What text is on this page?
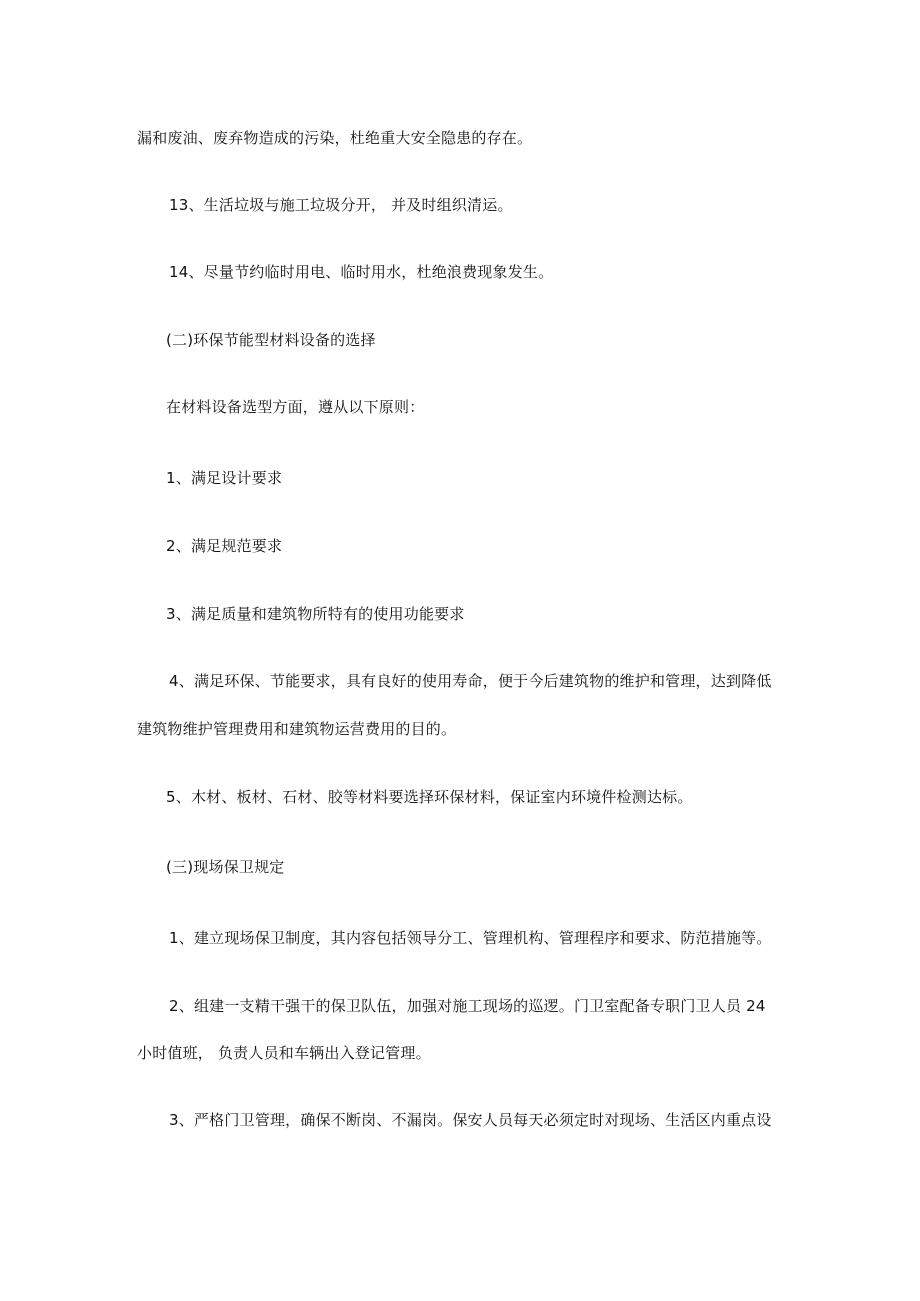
漏和废油、废弃物造成的污染，杜绝重大安全隐患的存在。

13、生活垃圾与施工垃圾分开， 并及时组织清运。

14、尽量节约临时用电、临时用水，杜绝浪费现象发生。

(二)环保节能型材料设备的选择

在材料设备选型方面，遵从以下原则：

1、满足设计要求

2、满足规范要求

3、满足质量和建筑物所特有的使用功能要求

4、满足环保、节能要求，具有良好的使用寿命，便于今后建筑物的维护和管理，达到降低

建筑物维护管理费用和建筑物运营费用的目的。

5、木材、板材、石材、胶等材料要选择环保材料，保证室内环境件检测达标。

(三)现场保卫规定

1、建立现场保卫制度，其内容包括领导分工、管理机构、管理程序和要求、防范措施等。

2、组建一支精干强干的保卫队伍，加强对施工现场的巡逻。门卫室配备专职门卫人员 24

小时值班， 负责人员和车辆出入登记管理。

3、严格门卫管理，确保不断岗、不漏岗。保安人员每天必须定时对现场、生活区内重点设
